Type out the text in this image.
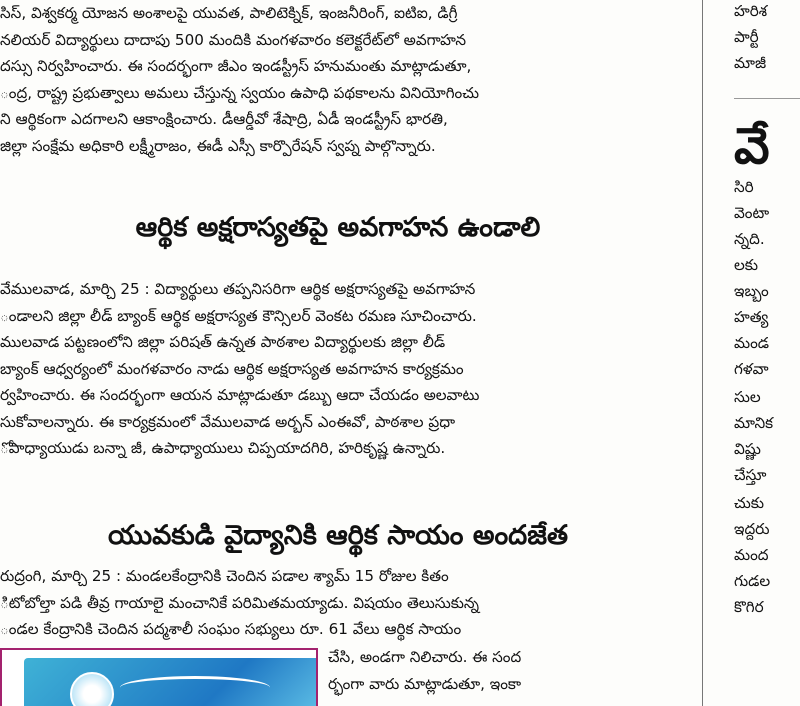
సిస్, విశ్వకర్మ యోజన అంశాలపై యువత, పాలిటెక్నిక్, ఇంజనీరింగ్, ఐటిఐ, డిగ్రీ
నలియర్ విద్యార్థులు దాదాపు 500 మందికి మంగళవారం కలెక్టరేట్‌లో అవగాహన
దస్సు నిర్వహించారు. ఈ సందర్భంగా జీఎం ఇండస్ట్రీస్ హనుమంతు మాట్లాడుతూ,
ంద్ర, రాష్ట్ర ప్రభుత్వాలు అమలు చేస్తున్న స్వయం ఉపాధి పథకాలను వినియోగించు
ని ఆర్థికంగా ఎదగాలని ఆకాంక్షించారు. డీఆర్డీవో శేషాద్రి, ఏడీ ఇండస్ట్రీస్ భారతి,
జిల్లా సంక్షేమ అధికారి లక్ష్మీరాజం, ఈడీ ఎస్సీ కార్పొరేషన్ స్వప్న పాల్గొన్నారు.
ఆర్థిక అక్షరాస్యతపై అవగాహన ఉండాలి
వేములవాడ, మార్చి 25 : విద్యార్థులు తప్పనిసరిగా ఆర్థిక అక్షరాస్యతపై అవగాహన
ండాలని జిల్లా లీడ్ బ్యాంక్ ఆర్థిక అక్షరాస్యత కౌన్సిలర్ వెంకట రమణ సూచించారు.
ములవాడ పట్టణంలోని జిల్లా పరిషత్ ఉన్నత పాఠశాల విద్యార్థులకు జిల్లా లీడ్
బ్యాంక్ ఆధ్వర్యంలో మంగళవారం నాడు ఆర్థిక అక్షరాస్యత అవగాహన కార్యక్రమం
ర్వహించారు. ఈ సందర్భంగా ఆయన మాట్లాడుతూ డబ్బు ఆదా చేయడం అలవాటు
సుకోవాలన్నారు. ఈ కార్యక్రమంలో వేములవాడ అర్బన్ ఎంఈవో, పాఠశాల ప్రధా
ోపాధ్యాయుడు బన్నా జీ, ఉపాధ్యాయులు చిప్పయాదగిరి, హరికృష్ణ ఉన్నారు.
యువకుడి వైద్యానికి ఆర్థిక సాయం అందజేత
రుద్రంగి, మార్చి 25 : మండలకేంద్రానికి చెందిన పడాల శ్యామ్ 15 రోజుల కితం
ిటోబోల్తా పడి తీవ్ర గాయాలై మంచానికే పరిమితమయ్యాడు. విషయం తెలుసుకున్న
ండల కేంద్రానికి చెందిన పద్మశాలీ సంఘం సభ్యులు రూ. 61 వేలు ఆర్థిక సాయం
చేసి, అండగా నిలిచారు. ఈ సంద
ర్భంగా వారు మాట్లాడుతూ, ఇంకా
హరిశ
పార్టీ
మాజీ
వే
సిరి
వెంటా
న్నది.
లకు
ఇబ్బం
హత్య
మండ
గళవా
సుల
మానిక
విష్ణు
చేస్తూ
చుకు
ఇద్దరు
మంద
గుడల
కొగిర
